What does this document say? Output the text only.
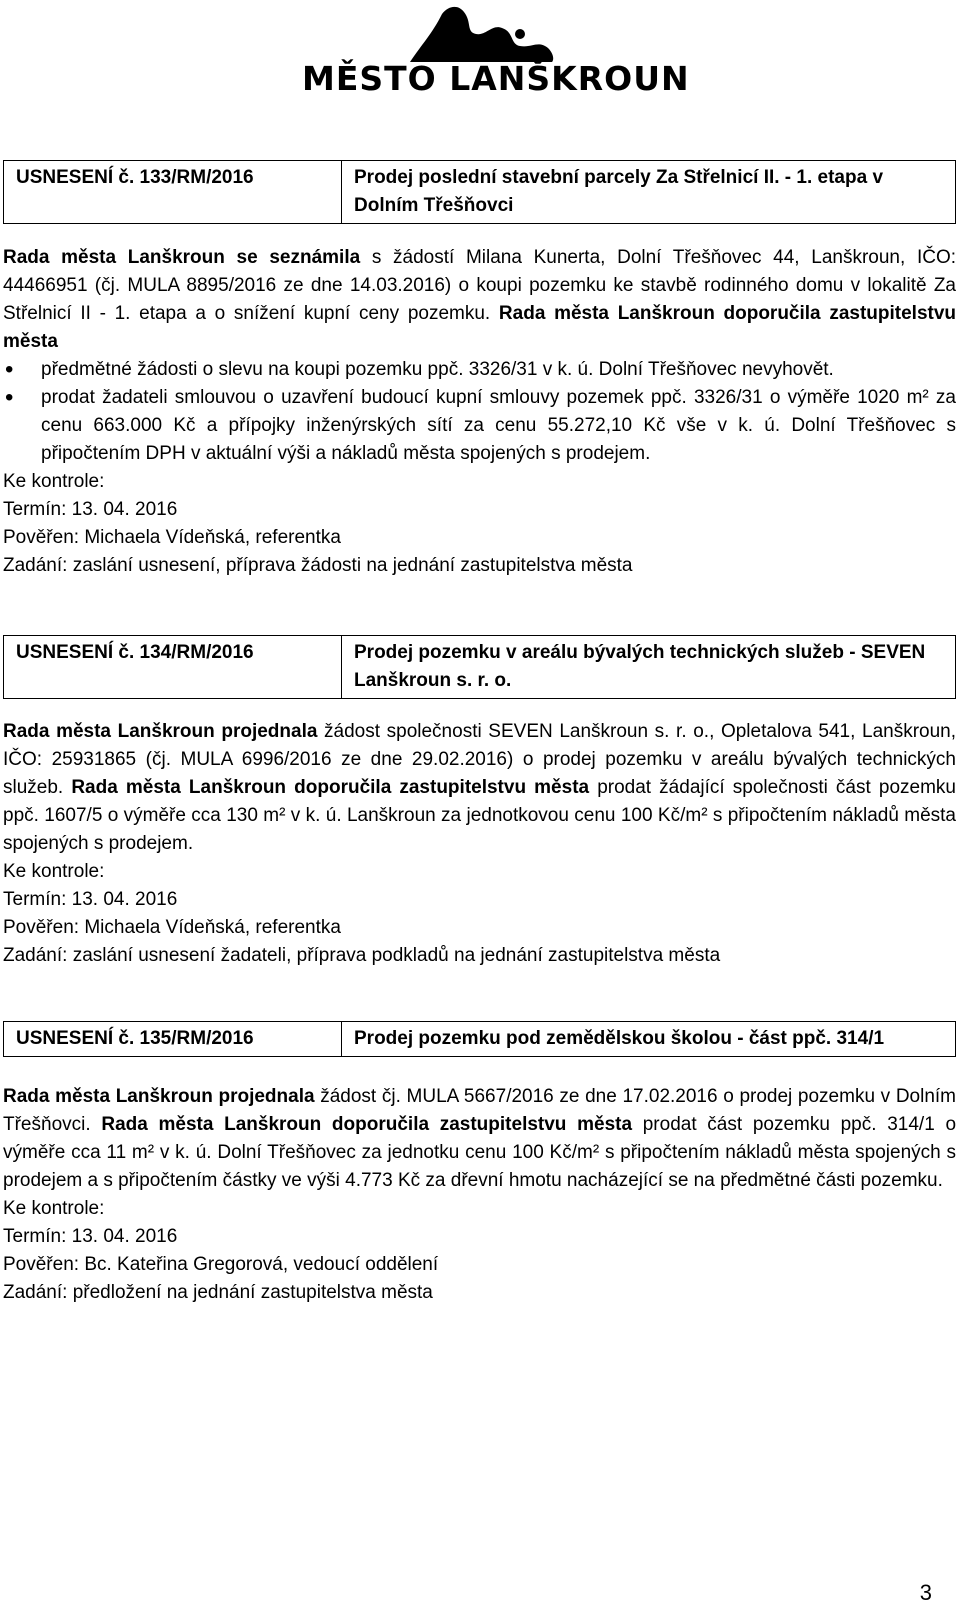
MĚSTO LANŠKROUN
USNESENÍ č. 133/RM/2016	Prodej poslední stavební parcely Za Střelnicí II. - 1. etapa v Dolním Třešňovci

Rada města Lanškroun se seznámila s žádostí Milana Kunerta, Dolní Třešňovec 44, Lanškroun, IČO: 44466951 (čj. MULA 8895/2016 ze dne 14.03.2016) o koupi pozemku ke stavbě rodinného domu v lokalitě Za Střelnicí II - 1. etapa a o snížení kupní ceny pozemku. Rada města Lanškroun doporučila zastupitelstvu města

• předmětné žádosti o slevu na koupi pozemku ppč. 3326/31 v k. ú. Dolní Třešňovec nevyhovět.
• prodat žadateli smlouvou o uzavření budoucí kupní smlouvy pozemek ppč. 3326/31 o výměře 1020 m² za cenu 663.000 Kč a přípojky inženýrských sítí za cenu 55.272,10 Kč vše v k. ú. Dolní Třešňovec s připočtením DPH v aktuální výši a nákladů města spojených s prodejem.
Ke kontrole:
Termín: 13. 04. 2016
Pověřen: Michaela Vídeňská, referentka
Zadání: zaslání usnesení, příprava žádosti na jednání zastupitelstva města
USNESENÍ č. 134/RM/2016	Prodej pozemku v areálu bývalých technických služeb - SEVEN Lanškroun s. r. o.

Rada města Lanškroun projednala žádost společnosti SEVEN Lanškroun s. r. o., Opletalova 541, Lanškroun, IČO: 25931865 (čj. MULA 6996/2016 ze dne 29.02.2016) o prodej pozemku v areálu bývalých technických služeb. Rada města Lanškroun doporučila zastupitelstvu města prodat žádající společnosti část pozemku ppč. 1607/5 o výměře cca 130 m² v k. ú. Lanškroun za jednotkovou cenu 100 Kč/m² s připočtením nákladů města spojených s prodejem.

Ke kontrole:
Termín: 13. 04. 2016
Pověřen: Michaela Vídeňská, referentka
Zadání: zaslání usnesení žadateli, příprava podkladů na jednání zastupitelstva města
USNESENÍ č. 135/RM/2016	Prodej pozemku pod zemědělskou školou - část ppč. 314/1

Rada města Lanškroun projednala žádost čj. MULA 5667/2016 ze dne 17.02.2016 o prodej pozemku v Dolním Třešňovci. Rada města Lanškroun doporučila zastupitelstvu města prodat část pozemku ppč. 314/1 o výměře cca 11 m² v k. ú. Dolní Třešňovec za jednotku cenu 100 Kč/m² s připočtením nákladů města spojených s prodejem a s připočtením částky ve výši 4.773 Kč za dřevní hmotu nacházející se na předmětné části pozemku.

Ke kontrole:
Termín: 13. 04. 2016
Pověřen: Bc. Kateřina Gregorová, vedoucí oddělení
Zadání: předložení na jednání zastupitelstva města
3
